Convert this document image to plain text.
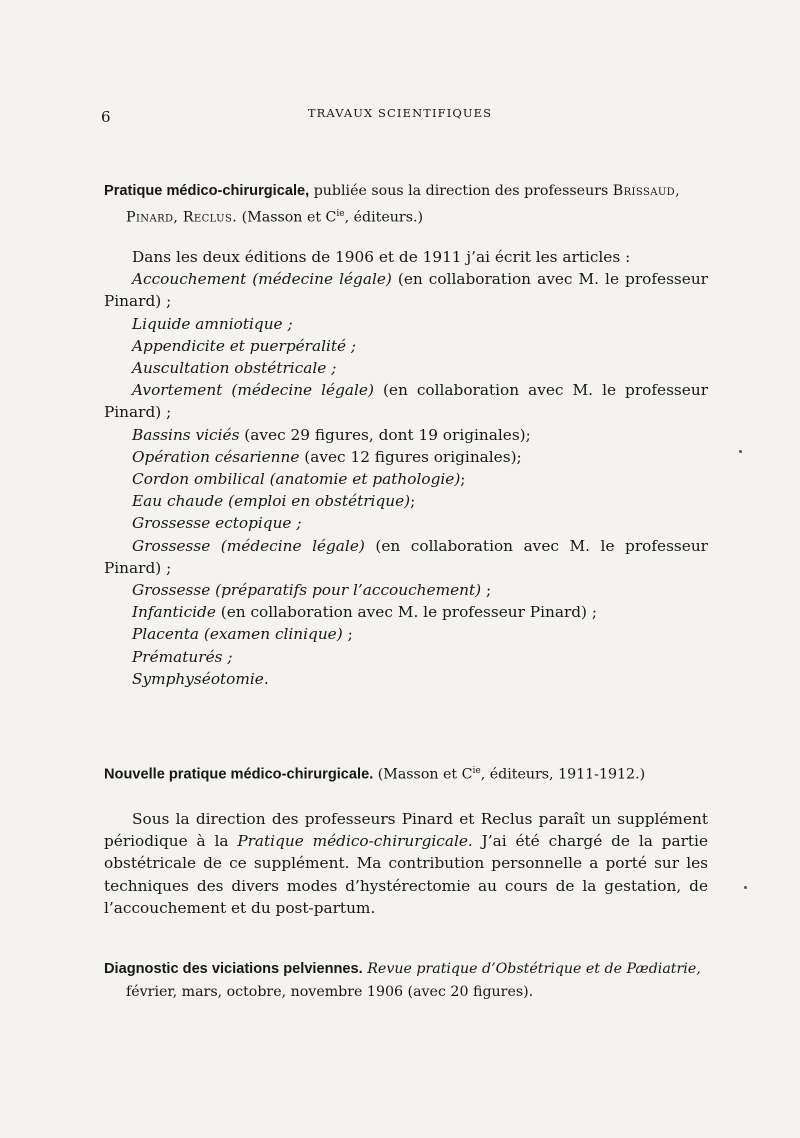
6	TRAVAUX SCIENTIFIQUES
Pratique médico-chirurgicale, publiée sous la direction des professeurs Brissaud,
Pinard, Reclus. (Masson et $C^{ie}$, éditeurs.)
Dans les deux éditions de 1906 et de 1911 j’ai écrit les articles :
Accouchement (médecine légale) (en collaboration avec M. le professeur Pinard) ;
Liquide amniotique ;
Appendicite et puerpéralité ;
Auscultation obstétricale ;
Avortement (médecine légale) (en collaboration avec M. le professeur Pinard) ;
Bassins viciés (avec 29 figures, dont 19 originales);
Opération césarienne (avec 12 figures originales);
Cordon ombilical (anatomie et pathologie);
Eau chaude (emploi en obstétrique);
Grossesse ectopique ;
Grossesse (médecine légale) (en collaboration avec M. le professeur Pinard) ;
Grossesse (préparatifs pour l’accouchement) ;
Infanticide (en collaboration avec M. le professeur Pinard) ;
Placenta (examen clinique) ;
Prématurés ;
Symphyséotomie.
Nouvelle pratique médico-chirurgicale. (Masson et $C^{ie}$, éditeurs, 1911-1912.)
Sous la direction des professeurs Pinard et Reclus paraît un supplément périodique à la Pratique médico-chirurgicale. J’ai été chargé de la partie obstétricale de ce supplément. Ma contribution personnelle a porté sur les techniques des divers modes d’hystérectomie au cours de la gestation, de l’accouchement et du post-partum.
Diagnostic des viciations pelviennes. Revue pratique d’Obstétrique et de Pædiatrie,
février, mars, octobre, novembre 1906 (avec 20 figures).
